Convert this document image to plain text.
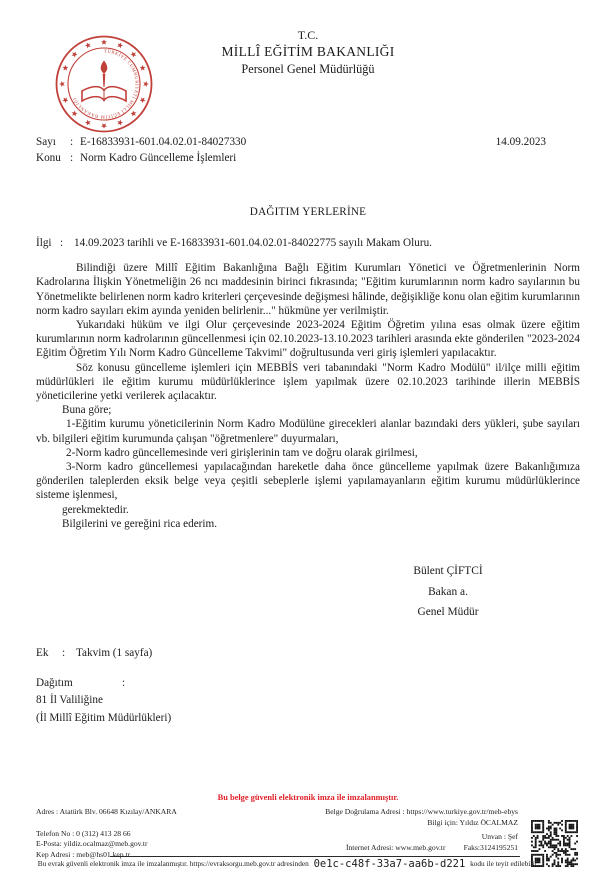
TÜRKİYE CUMHURİYETİ MİLLÎ EĞİTİM BAKANLIĞI
T.C.
MİLLÎ EĞİTİM BAKANLIĞI
Personel Genel Müdürlüğü
Sayı : E-16833931-601.04.02.01-84027330
Konu : Norm Kadro Güncelleme İşlemleri
14.09.2023
DAĞITIM YERLERİNE
İlgi : 14.09.2023 tarihli ve E-16833931-601.04.02.01-84022775 sayılı Makam Oluru.

Bilindiği üzere Millî Eğitim Bakanlığına Bağlı Eğitim Kurumları Yönetici ve Öğretmenlerinin Norm Kadrolarına İlişkin Yönetmeliğin 26 ncı maddesinin birinci fıkrasında; "Eğitim kurumlarının norm kadro sayılarının bu Yönetmelikte belirlenen norm kadro kriterleri çerçevesinde değişmesi hâlinde, değişikliğe konu olan eğitim kurumlarının norm kadro sayıları ekim ayında yeniden belirlenir..." hükmüne yer verilmiştir.

Yukarıdaki hüküm ve ilgi Olur çerçevesinde 2023-2024 Eğitim Öğretim yılına esas olmak üzere eğitim kurumlarının norm kadrolarının güncellenmesi için 02.10.2023-13.10.2023 tarihleri arasında ekte gönderilen "2023-2024 Eğitim Öğretim Yılı Norm Kadro Güncelleme Takvimi" doğrultusunda veri giriş işlemleri yapılacaktır.

Söz konusu güncelleme işlemleri için MEBBİS veri tabanındaki "Norm Kadro Modülü" il/ilçe milli eğitim müdürlükleri ile eğitim kurumu müdürlüklerince işlem yapılmak üzere 02.10.2023 tarihinde illerin MEBBİS yöneticilerine yetki verilerek açılacaktır.

Buna göre;

1-Eğitim kurumu yöneticilerinin Norm Kadro Modülüne girecekleri alanlar bazındaki ders yükleri, şube sayıları vb. bilgileri eğitim kurumunda çalışan "öğretmenlere" duyurmaları,

2-Norm kadro güncellemesinde veri girişlerinin tam ve doğru olarak girilmesi,

3-Norm kadro güncellemesi yapılacağından hareketle daha önce güncelleme yapılmak üzere Bakanlığımıza gönderilen taleplerden eksik belge veya çeşitli sebeplerle işlemi yapılamayanların eğitim kurumu müdürlüklerince sisteme işlenmesi,

gerekmektedir.

Bilgilerini ve gereğini rica ederim.

Bülent ÇİFTCİ
Bakan a.
Genel Müdür
Ek : Takvim (1 sayfa)
Dağıtım	:
81 İl Valiliğine
(İl Millî Eğitim Müdürlükleri)
Bu belge güvenli elektronik imza ile imzalanmıştır.
Adres : Atatürk Blv. 06648 Kızılay/ANKARA
Telefon No : 0 (312) 413 28 66
E-Posta: yildiz.ocalmaz@meb.gov.tr
Kep Adresi : meb@hs01.kep.tr
Belge Doğrulama Adresi : https://www.turkiye.gov.tr/meb-ebys
Bilgi için: Yıldız ÖCALMAZ
Unvan : Şef
İnternet Adresi: www.meb.gov.tr Faks:3124195251
Bu evrak güvenli elektronik imza ile imzalanmıştır. https://evraksorgu.meb.gov.tr adresinden 0e1c-c48f-33a7-aa6b-d221 kodu ile teyit edilebilir.
